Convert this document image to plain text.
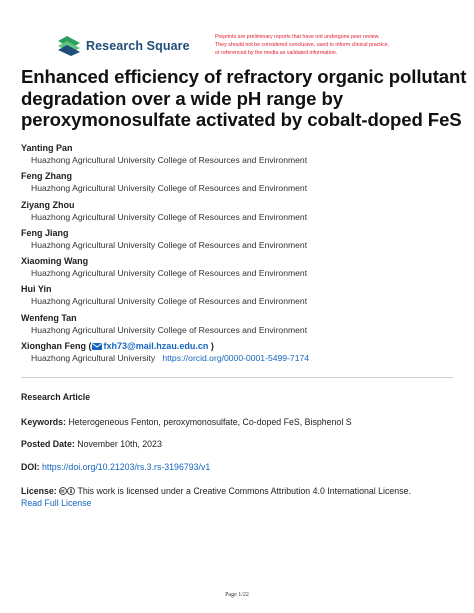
Research Square
Preprints are preliminary reports that have not undergone peer review.
They should not be considered conclusive, used to inform clinical practice,
or referenced by the media as validated information.
Enhanced efficiency of refractory organic pollutant
degradation over a wide pH range by
peroxymonosulfate activated by cobalt-doped FeS
Yanting Pan
Huazhong Agricultural University College of Resources and Environment
Feng Zhang
Huazhong Agricultural University College of Resources and Environment
Ziyang Zhou
Huazhong Agricultural University College of Resources and Environment
Feng Jiang
Huazhong Agricultural University College of Resources and Environment
Xiaoming Wang
Huazhong Agricultural University College of Resources and Environment
Hui Yin
Huazhong Agricultural University College of Resources and Environment
Wenfeng Tan
Huazhong Agricultural University College of Resources and Environment
Xionghan Feng ( fxh73@mail.hzau.edu.cn )
Huazhong Agricultural University https://orcid.org/0000-0001-5499-7174
Research Article
Keywords: Heterogeneous Fenton, peroxymonosulfate, Co-doped FeS, Bisphenol S
Posted Date: November 10th, 2023
DOI: https://doi.org/10.21203/rs.3.rs-3196793/v1
License: This work is licensed under a Creative Commons Attribution 4.0 International License.
Read Full License
Page 1/22
